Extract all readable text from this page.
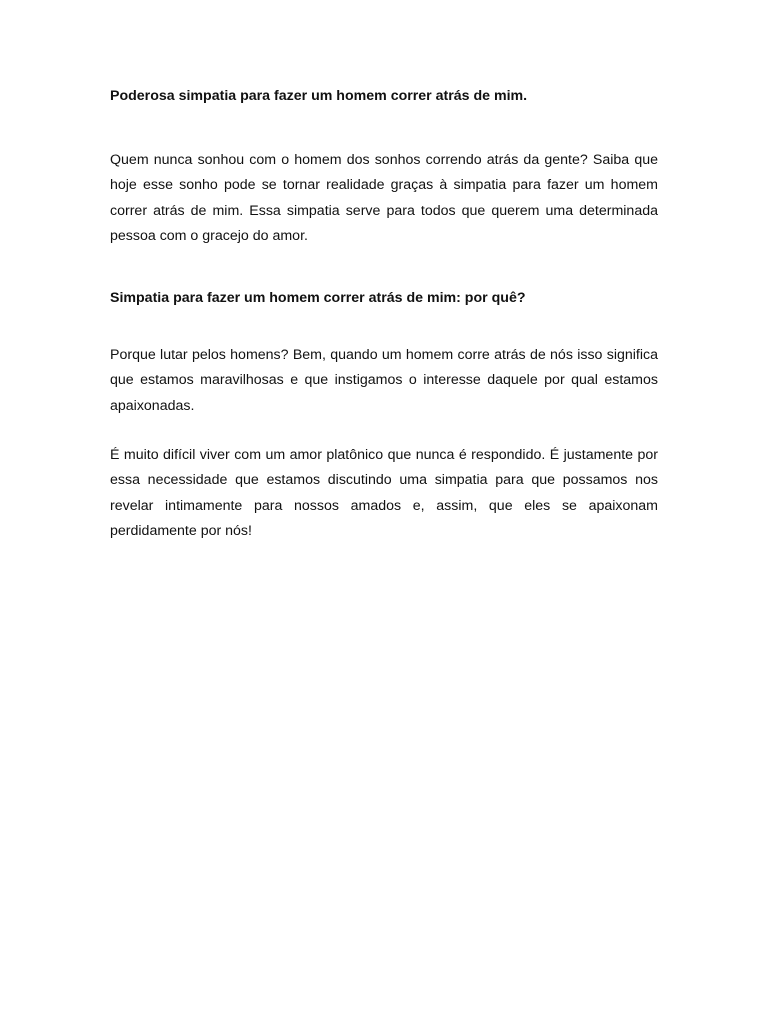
Poderosa simpatia para fazer um homem correr atrás de mim.

Quem nunca sonhou com o homem dos sonhos correndo atrás da gente? Saiba que hoje esse sonho pode se tornar realidade graças à simpatia para fazer um homem correr atrás de mim. Essa simpatia serve para todos que querem uma determinada pessoa com o gracejo do amor.

Simpatia para fazer um homem correr atrás de mim: por quê?

Porque lutar pelos homens? Bem, quando um homem corre atrás de nós isso significa que estamos maravilhosas e que instigamos o interesse daquele por qual estamos apaixonadas.

É muito difícil viver com um amor platônico que nunca é respondido. É justamente por essa necessidade que estamos discutindo uma simpatia para que possamos nos revelar intimamente para nossos amados e, assim, que eles se apaixonam perdidamente por nós!
